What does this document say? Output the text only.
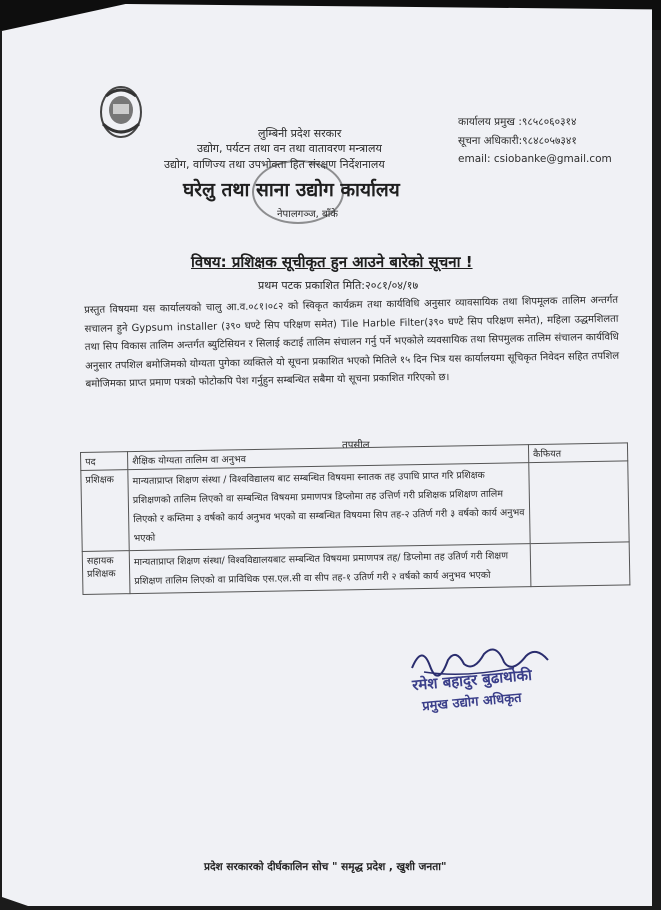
लुम्बिनी प्रदेश सरकार
उद्योग, पर्यटन तथा वन तथा वातावरण मन्त्रालय
उद्योग, वाणिज्य तथा उपभोक्ता हित संरक्षण निर्देशनालय
घरेलु तथा साना उद्योग कार्यालय
नेपालगञ्ज, बाँके
कार्यालय प्रमुख :९८५८०६०३१४
सूचना अधिकारी:९८४८०५७३४१
email: csiobanke@gmail.com
विषय: प्रशिक्षक सूचीकृत हुन आउने बारेको सूचना !
प्रथम पटक प्रकाशित मिति:२०८१/०४/१७
प्रस्तुत विषयमा यस कार्यालयको चालु आ.व.०८१।०८२ को स्विकृत कार्यक्रम तथा कार्यविधि अनुसार व्यावसायिक तथा शिपमूलक तालिम अन्तर्गत सचालन हुने Gypsum installer (३९० घण्टे सिप परिक्षण समेत) Tile Harble Filter(३९० घण्टे सिप परिक्षण समेत), महिला उद्धमशिलता तथा सिप विकास तालिम अन्तर्गत ब्युटिसियन र सिलाई कटाई तालिम संचालन गर्नु पर्ने भएकोले व्यवसायिक तथा सिपमुलक तालिम संचालन कार्यविधि अनुसार तपशिल बमोजिमको योग्यता पुगेका व्यक्तिले यो सूचना प्रकाशित भएको मितिले १५ दिन भित्र यस कार्यालयमा सूचिकृत निवेदन सहित तपशिल बमोजिमका प्राप्त प्रमाण पत्रको फोटोकपि पेश गर्नुहुन सम्बन्धित सबैमा यो सूचना प्रकाशित गरिएको छ।
तपसील
पद	शैक्षिक योग्यता तालिम वा अनुभव	कैफियत
प्रशिक्षक	मान्यताप्राप्त शिक्षण संस्था / विश्वविद्यालय बाट सम्बन्धित विषयमा स्नातक तह उपाधि प्राप्त गरि प्रशिक्षक प्रशिक्षणको तालिम लिएको वा सम्बन्धित विषयमा प्रमाणपत्र डिप्लोमा तह उत्तिर्ण गरी प्रशिक्षक प्रशिक्षण तालिम लिएको र कम्तिमा ३ वर्षको कार्य अनुभव भएको वा सम्बन्धित विषयमा सिप तह-२ उतिर्ण गरी ३ वर्षको कार्य अनुभव भएको	
सहायक प्रशिक्षक	मान्यताप्राप्त शिक्षण संस्था/ विश्वविद्यालयबाट सम्बन्धित विषयमा प्रमाणपत्र तह/ डिप्लोमा तह उतिर्ण गरी शिक्षण प्रशिक्षण तालिम लिएको वा प्राविधिक एस.एल.सी वा सीप तह-१ उतिर्ण गरी २ वर्षको कार्य अनुभव भएको	
रमेश बहादुर बुढाथोकी
प्रमुख उद्योग अधिकृत
प्रदेश सरकारको दीर्घकालिन सोच " समृद्ध प्रदेश , खुशी जनता"
